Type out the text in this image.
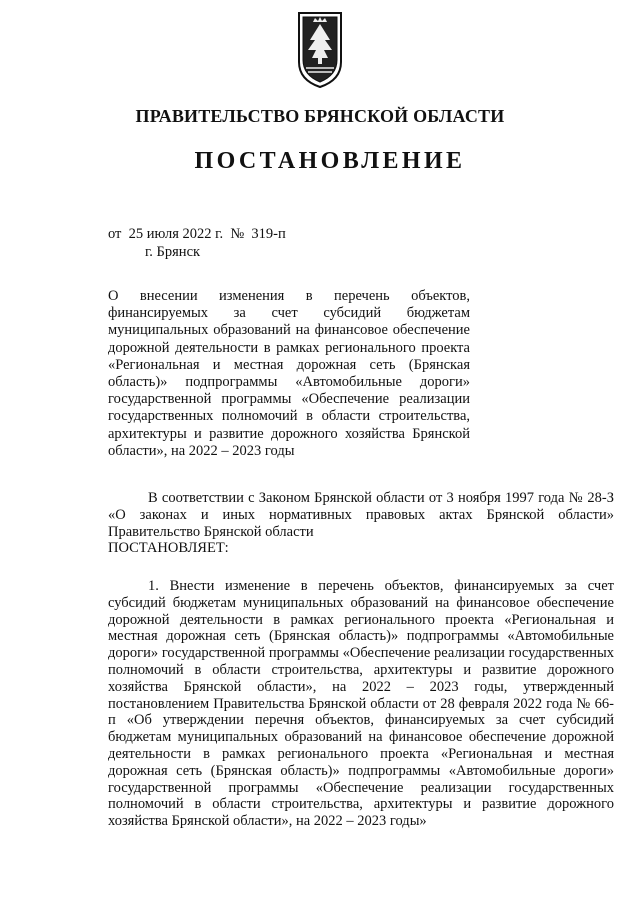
ПРАВИТЕЛЬСТВО БРЯНСКОЙ ОБЛАСТИ
ПОСТАНОВЛЕНИЕ
от  25 июля 2022 г.  №  319-п
г. Брянск
О внесении изменения в перечень объектов, финансируемых за счет субсидий бюджетам муниципальных образований на финансовое обеспечение дорожной деятельности в рамках регионального проекта «Региональная и местная дорожная сеть (Брянская область)» подпрограммы «Автомобильные дороги» государственной программы «Обеспечение реализации государственных полномочий в области строительства, архитектуры и развитие дорожного хозяйства Брянской области», на 2022 – 2023 годы

В соответствии с Законом Брянской области от 3 ноября 1997 года № 28-З «О законах и иных нормативных правовых актах Брянской области» Правительство Брянской области

ПОСТАНОВЛЯЕТ:

1. Внести изменение в перечень объектов, финансируемых за счет субсидий бюджетам муниципальных образований на финансовое обеспечение дорожной деятельности в рамках регионального проекта «Региональная и местная дорожная сеть (Брянская область)» подпрограммы «Автомобильные дороги» государственной программы «Обеспечение реализации государственных полномочий в области строительства, архитектуры и развитие дорожного хозяйства Брянской области», на 2022 – 2023 годы, утвержденный постановлением Правительства Брянской области от 28 февраля 2022 года № 66-п «Об утверждении перечня объектов, финансируемых за счет субсидий бюджетам муниципальных образований на финансовое обеспечение дорожной деятельности в рамках регионального проекта «Региональная и местная дорожная сеть (Брянская область)» подпрограммы «Автомобильные дороги» государственной программы «Обеспечение реализации государственных полномочий в области строительства, архитектуры и развитие дорожного хозяйства Брянской области», на 2022 – 2023 годы»
